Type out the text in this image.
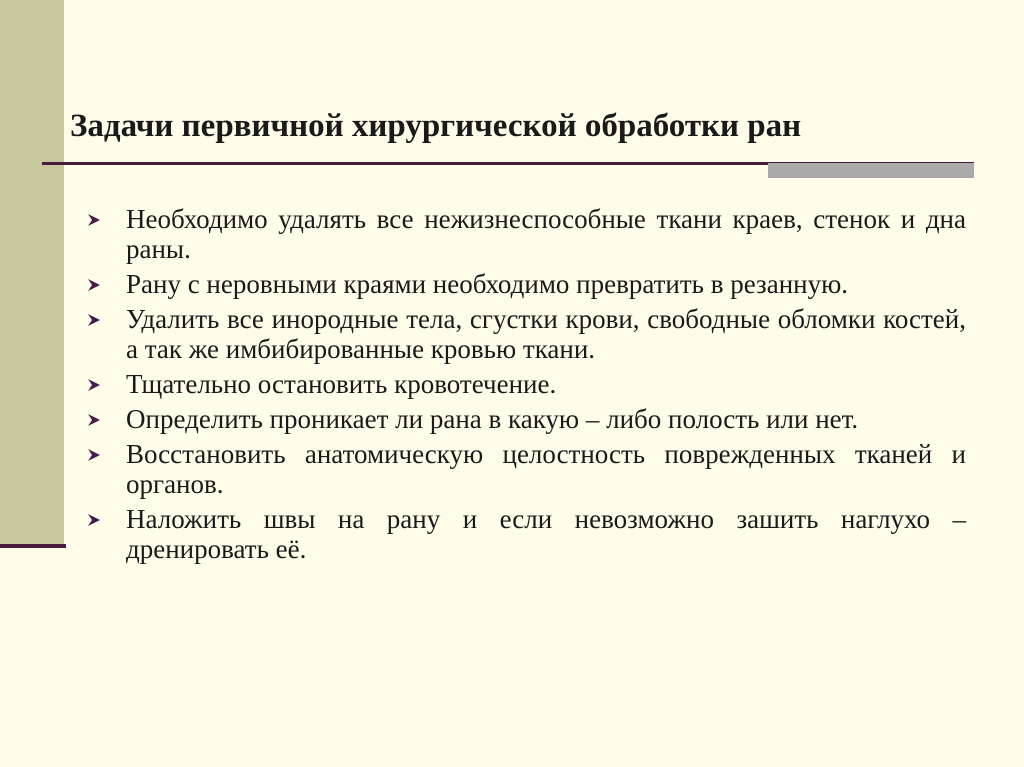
Задачи первичной хирургической обработки ран
Необходимо удалять все нежизнеспособные ткани краев, стенок и дна раны.
Рану с неровными краями необходимо превратить в резанную.
Удалить все инородные тела, сгустки крови, свободные обломки костей, а так же имбибированные кровью ткани.
Тщательно остановить кровотечение.
Определить проникает ли рана в какую – либо полость или нет.
Восстановить анатомическую целостность поврежденных тканей и органов.
Наложить швы на рану и если невозможно зашить наглухо – дренировать её.
